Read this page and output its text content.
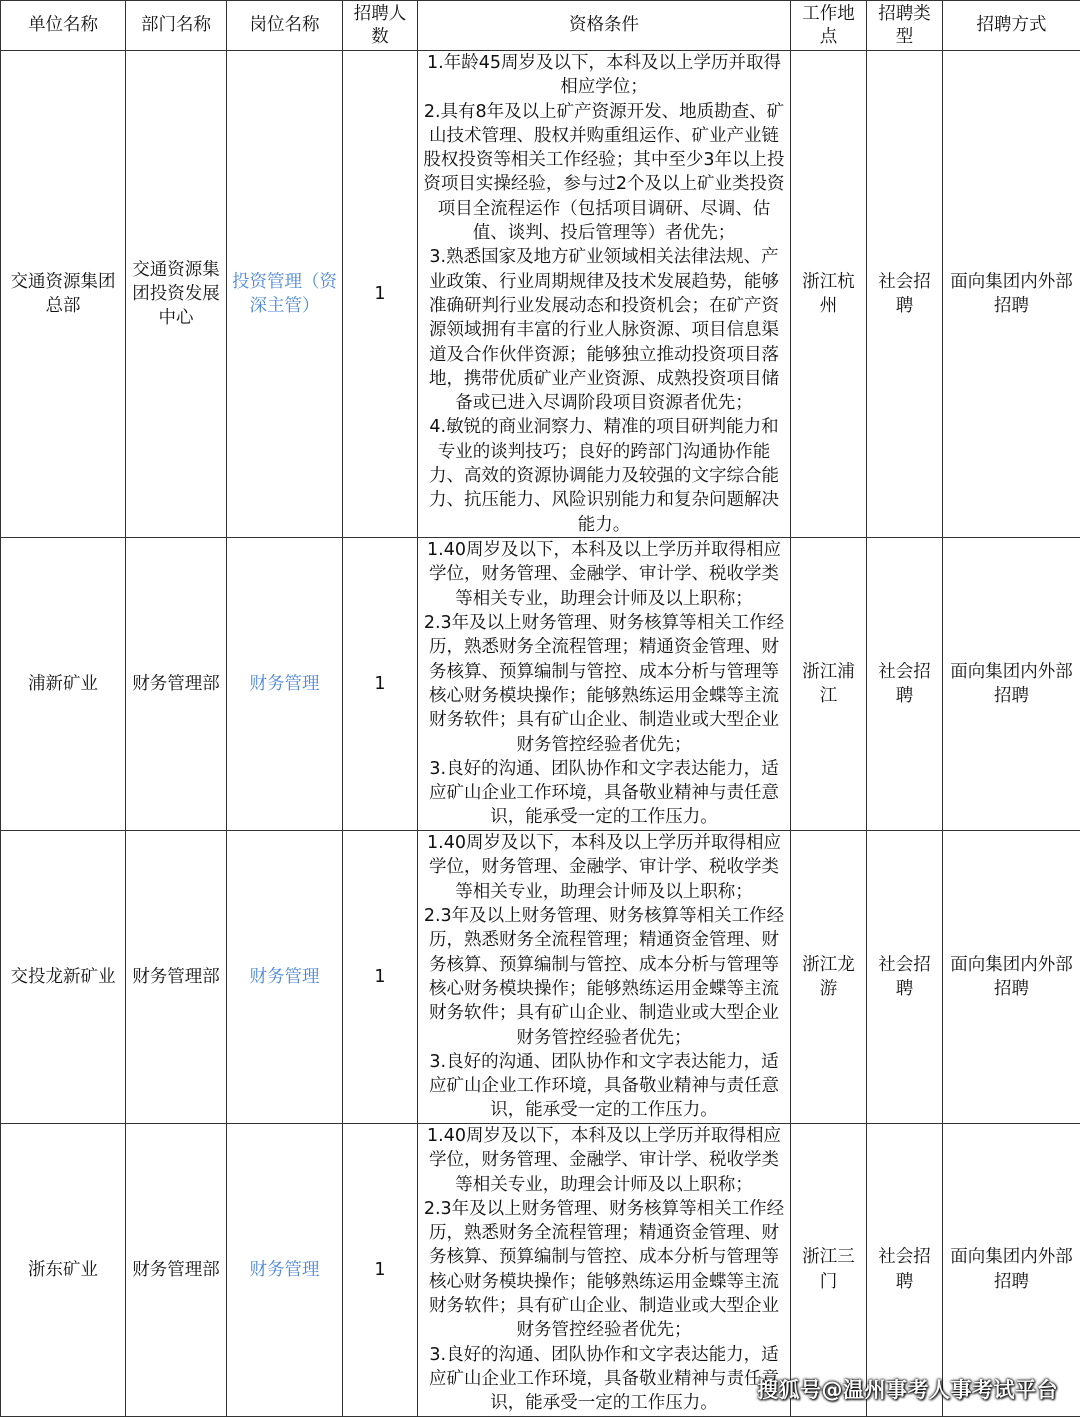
单位名称	部门名称	岗位名称	招聘人数	资格条件	工作地点	招聘类型	招聘方式
交通资源集团总部	交通资源集团投资发展中心	投资管理（资深主管）	1	1.年龄45周岁及以下，本科及以上学历并取得相应学位；

2.具有8年及以上矿产资源开发、地质勘查、矿山技术管理、股权并购重组运作、矿业产业链股权投资等相关工作经验；其中至少3年以上投资项目实操经验，参与过2个及以上矿业类投资项目全流程运作（包括项目调研、尽调、估值、谈判、投后管理等）者优先；

3.熟悉国家及地方矿业领域相关法律法规、产业政策、行业周期规律及技术发展趋势，能够准确研判行业发展动态和投资机会；在矿产资源领域拥有丰富的行业人脉资源、项目信息渠道及合作伙伴资源；能够独立推动投资项目落地，携带优质矿业产业资源、成熟投资项目储备或已进入尽调阶段项目资源者优先；

4.敏锐的商业洞察力、精准的项目研判能力和专业的谈判技巧；良好的跨部门沟通协作能力、高效的资源协调能力及较强的文字综合能力、抗压能力、风险识别能力和复杂问题解决能力。	浙江杭州	社会招聘	面向集团内外部招聘
浦新矿业	财务管理部	财务管理	1	1.40周岁及以下，本科及以上学历并取得相应学位，财务管理、金融学、审计学、税收学类等相关专业，助理会计师及以上职称；

2.3年及以上财务管理、财务核算等相关工作经历，熟悉财务全流程管理；精通资金管理、财务核算、预算编制与管控、成本分析与管理等核心财务模块操作；能够熟练运用金蝶等主流财务软件；具有矿山企业、制造业或大型企业财务管控经验者优先；

3.良好的沟通、团队协作和文字表达能力，适应矿山企业工作环境，具备敬业精神与责任意识，能承受一定的工作压力。	浙江浦江	社会招聘	面向集团内外部招聘
交投龙新矿业	财务管理部	财务管理	1	1.40周岁及以下，本科及以上学历并取得相应学位，财务管理、金融学、审计学、税收学类等相关专业，助理会计师及以上职称；

2.3年及以上财务管理、财务核算等相关工作经历，熟悉财务全流程管理；精通资金管理、财务核算、预算编制与管控、成本分析与管理等核心财务模块操作；能够熟练运用金蝶等主流财务软件；具有矿山企业、制造业或大型企业财务管控经验者优先；

3.良好的沟通、团队协作和文字表达能力，适应矿山企业工作环境，具备敬业精神与责任意识，能承受一定的工作压力。	浙江龙游	社会招聘	面向集团内外部招聘
浙东矿业	财务管理部	财务管理	1	1.40周岁及以下，本科及以上学历并取得相应学位，财务管理、金融学、审计学、税收学类等相关专业，助理会计师及以上职称；

2.3年及以上财务管理、财务核算等相关工作经历，熟悉财务全流程管理；精通资金管理、财务核算、预算编制与管控、成本分析与管理等核心财务模块操作；能够熟练运用金蝶等主流财务软件；具有矿山企业、制造业或大型企业财务管控经验者优先；

3.良好的沟通、团队协作和文字表达能力，适应矿山企业工作环境，具备敬业精神与责任意识，能承受一定的工作压力。	浙江三门	社会招聘	面向集团内外部招聘
搜狐号@温州事考人事考试平台
